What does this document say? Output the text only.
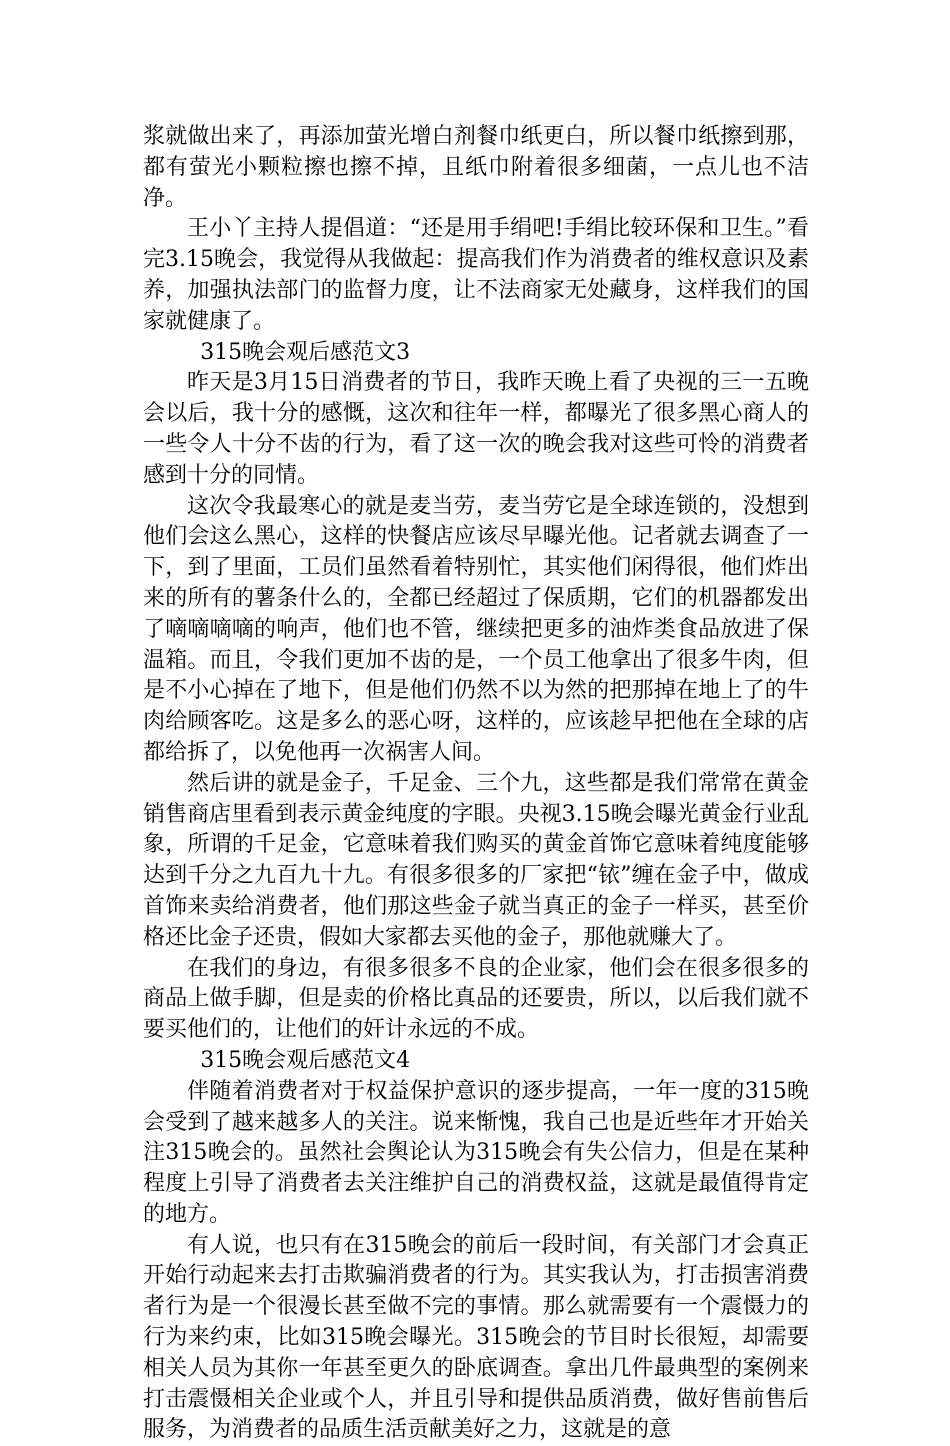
浆就做出来了，再添加萤光增白剂餐巾纸更白，所以餐巾纸擦到那，都有萤光小颗粒擦也擦不掉，且纸巾附着很多细菌，一点儿也不洁净。

王小丫主持人提倡道：“还是用手绢吧!手绢比较环保和卫生。”看完3.15晚会，我觉得从我做起：提高我们作为消费者的维权意识及素养，加强执法部门的监督力度，让不法商家无处藏身，这样我们的国家就健康了。

315晚会观后感范文3

昨天是3月15日消费者的节日，我昨天晚上看了央视的三一五晚会以后，我十分的感慨，这次和往年一样，都曝光了很多黑心商人的一些令人十分不齿的行为，看了这一次的晚会我对这些可怜的消费者感到十分的同情。

这次令我最寒心的就是麦当劳，麦当劳它是全球连锁的，没想到他们会这么黑心，这样的快餐店应该尽早曝光他。记者就去调查了一下，到了里面，工员们虽然看着特别忙，其实他们闲得很，他们炸出来的所有的薯条什么的，全都已经超过了保质期，它们的机器都发出了嘀嘀嘀嘀的响声，他们也不管，继续把更多的油炸类食品放进了保温箱。而且，令我们更加不齿的是，一个员工他拿出了很多牛肉，但是不小心掉在了地下，但是他们仍然不以为然的把那掉在地上了的牛肉给顾客吃。这是多么的恶心呀，这样的，应该趁早把他在全球的店都给拆了，以免他再一次祸害人间。

然后讲的就是金子，千足金、三个九，这些都是我们常常在黄金销售商店里看到表示黄金纯度的字眼。央视3.15晚会曝光黄金行业乱象，所谓的千足金，它意味着我们购买的黄金首饰它意味着纯度能够达到千分之九百九十九。有很多很多的厂家把“铱”缠在金子中，做成首饰来卖给消费者，他们那这些金子就当真正的金子一样买，甚至价格还比金子还贵，假如大家都去买他的金子，那他就赚大了。

在我们的身边，有很多很多不良的企业家，他们会在很多很多的商品上做手脚，但是卖的价格比真品的还要贵，所以，以后我们就不要买他们的，让他们的奸计永远的不成。

315晚会观后感范文4

伴随着消费者对于权益保护意识的逐步提高，一年一度的315晚会受到了越来越多人的关注。说来惭愧，我自己也是近些年才开始关注315晚会的。虽然社会舆论认为315晚会有失公信力，但是在某种程度上引导了消费者去关注维护自己的消费权益，这就是最值得肯定的地方。

有人说，也只有在315晚会的前后一段时间，有关部门才会真正开始行动起来去打击欺骗消费者的行为。其实我认为，打击损害消费者行为是一个很漫长甚至做不完的事情。那么就需要有一个震慑力的行为来约束，比如315晚会曝光。315晚会的节目时长很短，却需要相关人员为其你一年甚至更久的卧底调查。拿出几件最典型的案例来打击震慑相关企业或个人，并且引导和提供品质消费，做好售前售后服务，为消费者的品质生活贡献美好之力，这就是的意
